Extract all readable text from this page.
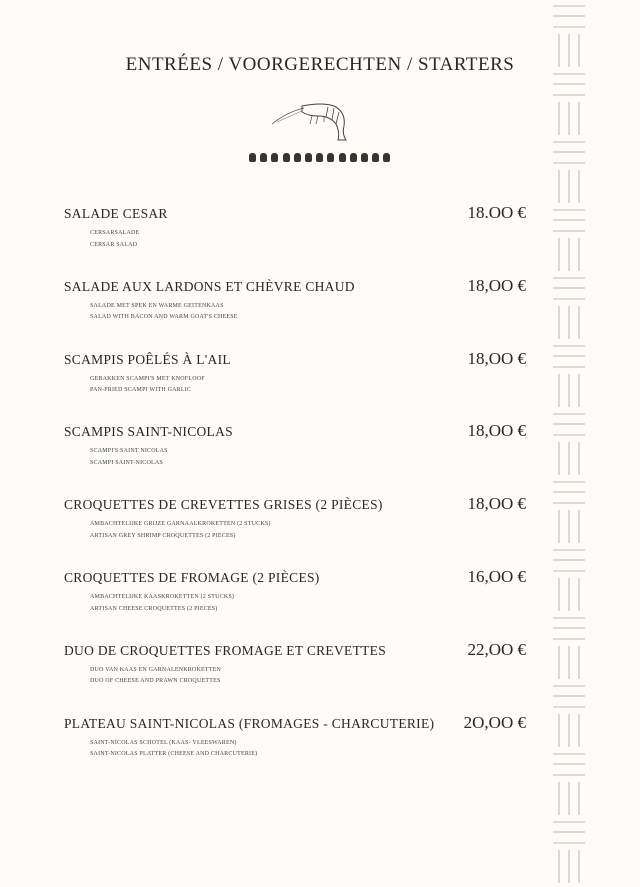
ENTRÉES / VOORGERECHTEN / STARTERS
SALADE CESAR	18.OO €
CERSARSALADE
CERSAR SALAD
SALADE AUX LARDONS ET CHÈVRE CHAUD	18,OO €
SALADE MET SPEK EN WARME GEITENKAAS
SALAD WITH BACON AND WARM GOAT'S CHEESE
SCAMPIS POÊLÉS À L'AIL	18,OO €
GEBAKKEN SCAMPI'S MET KNOFLOOF
PAN-FRIED SCAMPI WITH GARLIC
SCAMPIS SAINT-NICOLAS	18,OO €
SCAMPI'S SAINT NICOLAS
SCAMPI SAINT-NICOLAS
CROQUETTES DE CREVETTES GRISES (2 PIÈCES)	18,OO €
AMBACHTELIJKE GRIJZE GARNAALKROKETTEN (2 STUCKS)
ARTISAN GREY SHRIMP CROQUETTES (2 PIECES)
CROQUETTES DE FROMAGE (2 PIÈCES)	16,OO €
AMBACHTELIJKE KAASKROKETTEN (2 STUCKS)
ARTISAN CHEESE CROQUETTES (2 PIECES)
DUO DE CROQUETTES FROMAGE ET CREVETTES	22,OO €
DUO VAN KAAS EN GARNALENKROKETTEN
DUO OF CHEESE AND PRAWN CROQUETTES
PLATEAU SAINT-NICOLAS (FROMAGES - CHARCUTERIE)	2O,OO €
SAINT-NICOLAS SCHOTEL (KAAS- VLEESWAREN)
SAINT-NICOLAS PLATTER (CHEESE AND CHARCUTERIE)
